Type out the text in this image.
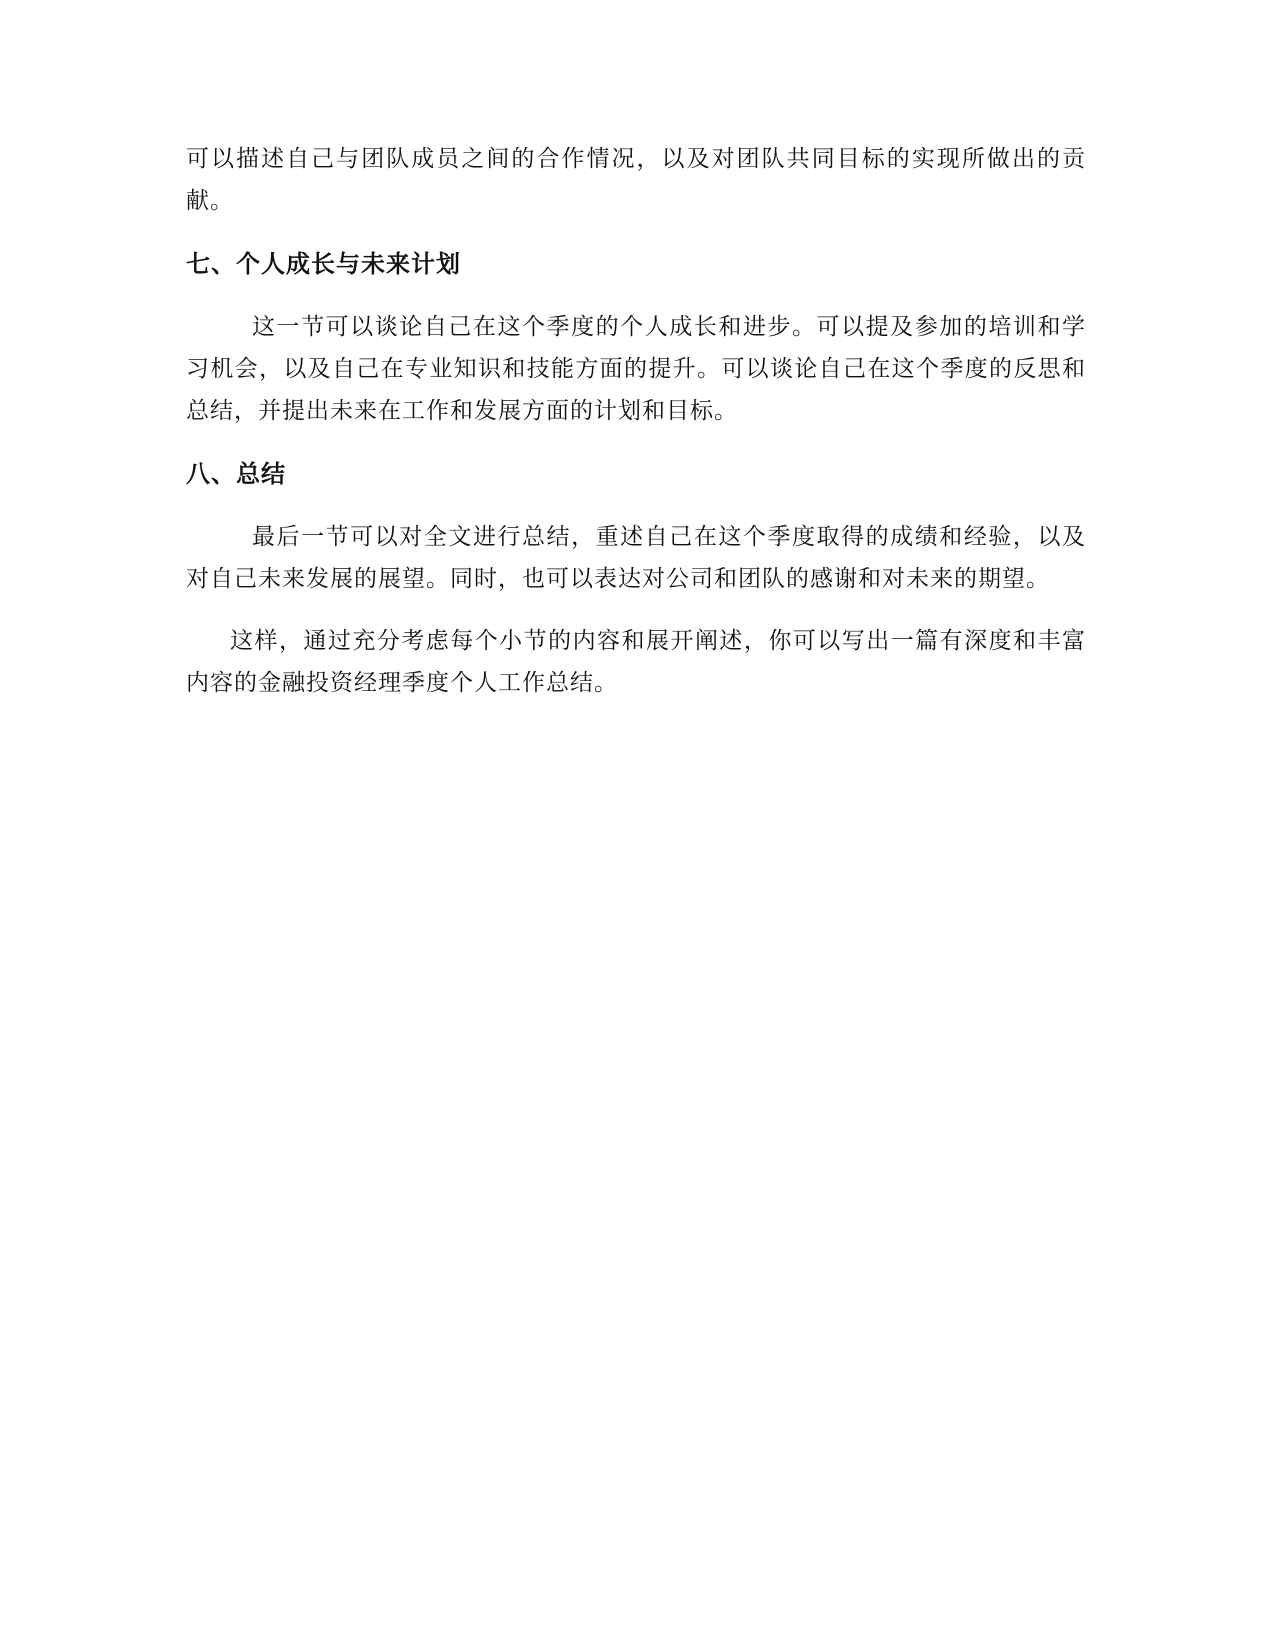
可以描述自己与团队成员之间的合作情况，以及对团队共同目标的实现所做出的贡献。

七、个人成长与未来计划

这一节可以谈论自己在这个季度的个人成长和进步。可以提及参加的培训和学习机会，以及自己在专业知识和技能方面的提升。可以谈论自己在这个季度的反思和总结，并提出未来在工作和发展方面的计划和目标。

八、总结

最后一节可以对全文进行总结，重述自己在这个季度取得的成绩和经验，以及对自己未来发展的展望。同时，也可以表达对公司和团队的感谢和对未来的期望。

这样，通过充分考虑每个小节的内容和展开阐述，你可以写出一篇有深度和丰富内容的金融投资经理季度个人工作总结。
